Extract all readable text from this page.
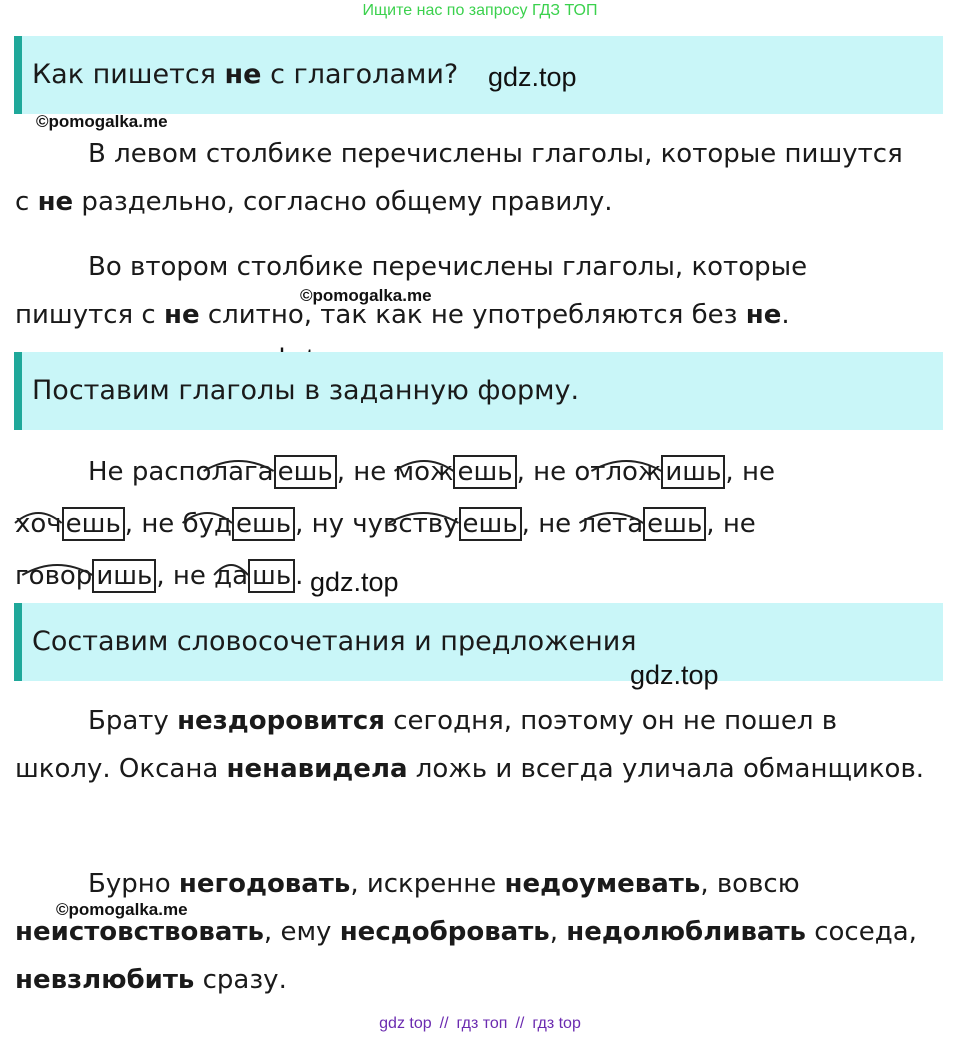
Ищите нас по запросу ГДЗ ТОП
Как пишется не с глаголами?	gdz.top
©pomogalka.me
В левом столбике перечислены глаголы, которые пишутся с не раздельно, согласно общему правилу.
Во втором столбике перечислены глаголы, которые пишутся с не слитно, так как не употребляются без не.
©pomogalka.me
Поставим глаголы в заданную форму.
Не располага ешь , не мож ешь , не отлож ишь , не хоч ешь , не буд ешь , ну чувству ешь , не лета ешь , не говор ишь , не да шь . gdz.top
Составим словосочетания и предложения
gdz.top
Брату нездоровится сегодня, поэтому он не пошел в школу. Оксана ненавидела ложь и всегда уличала обманщиков.
Бурно негодовать, искренне недоумевать, вовсю неистовствовать, ему несдобровать, недолюбливать соседа, невзлюбить сразу.
©pomogalka.me
gdz top // гдз топ // гдз top
